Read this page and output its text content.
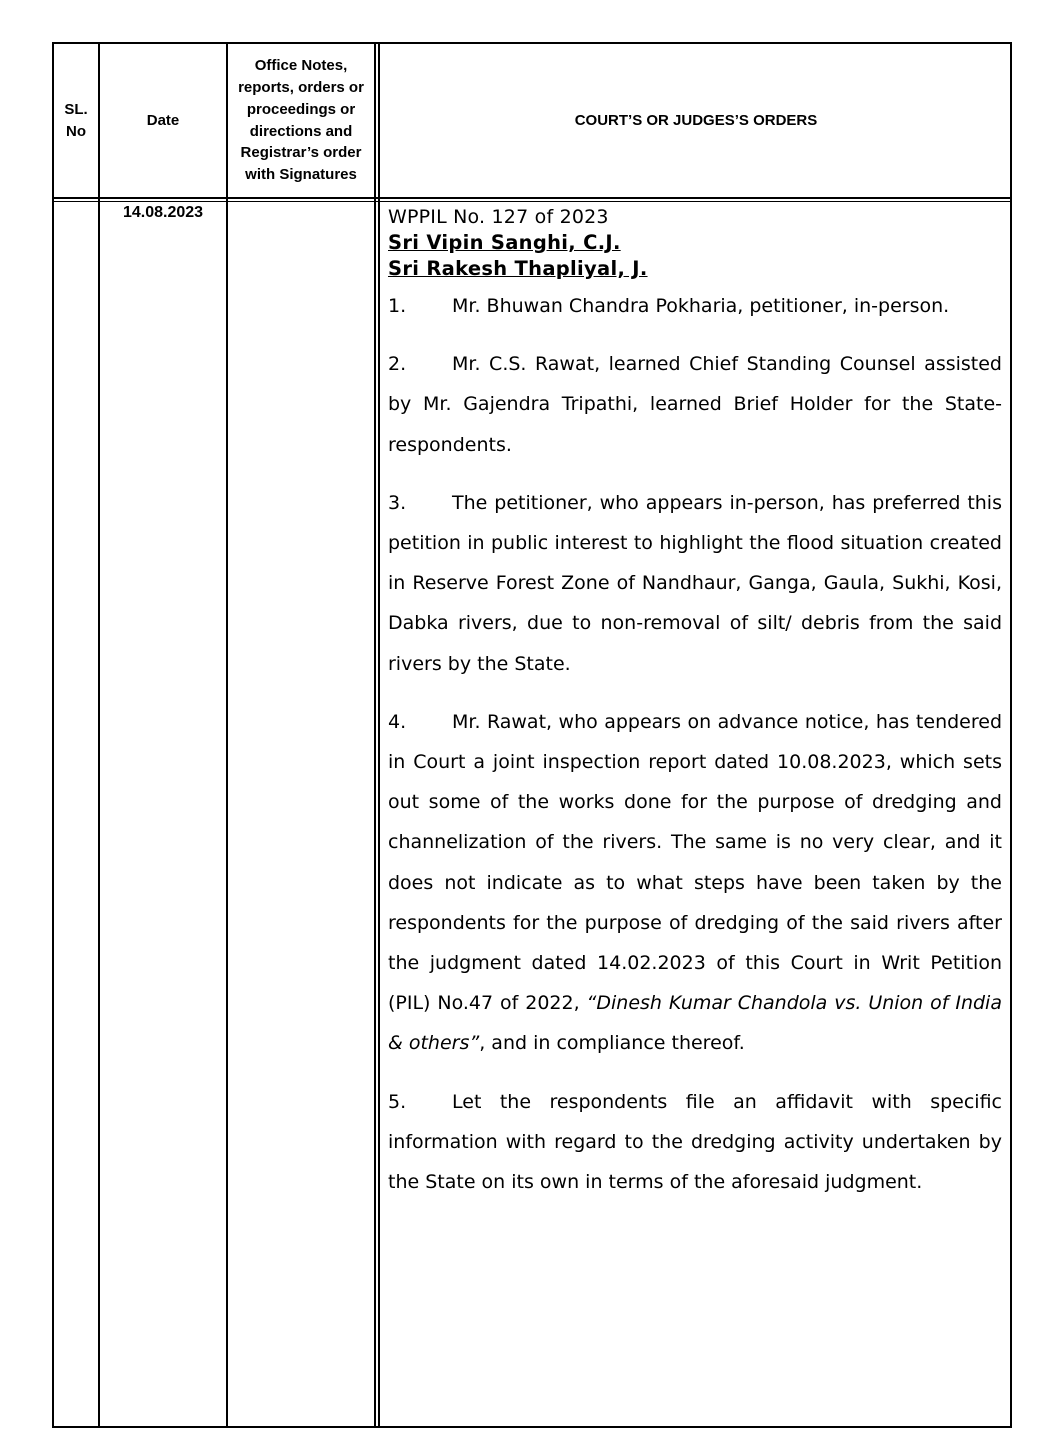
SL. No
Date
Office Notes, reports, orders or proceedings or directions and Registrar’s order with Signatures
COURT’S OR JUDGES’S ORDERS
14.08.2023	WPPIL No. 127 of 2023
Sri Vipin Sanghi, C.J.
Sri Rakesh Thapliyal, J.

1. Mr. Bhuwan Chandra Pokharia, petitioner, in-person.

2. Mr. C.S. Rawat, learned Chief Standing Counsel assisted by Mr. Gajendra Tripathi, learned Brief Holder for the State- respondents.

3. The petitioner, who appears in-person, has preferred this petition in public interest to highlight the flood situation created in Reserve Forest Zone of Nandhaur, Ganga, Gaula, Sukhi, Kosi, Dabka rivers, due to non-removal of silt/ debris from the said rivers by the State.

4. Mr. Rawat, who appears on advance notice, has tendered in Court a joint inspection report dated 10.08.2023, which sets out some of the works done for the purpose of dredging and channelization of the rivers. The same is no very clear, and it does not indicate as to what steps have been taken by the respondents for the purpose of dredging of the said rivers after the judgment dated 14.02.2023 of this Court in Writ Petition (PIL) No.47 of 2022, “Dinesh Kumar Chandola vs. Union of India & others”, and in compliance thereof.

5. Let the respondents file an affidavit with specific information with regard to the dredging activity undertaken by the State on its own in terms of the aforesaid judgment.
